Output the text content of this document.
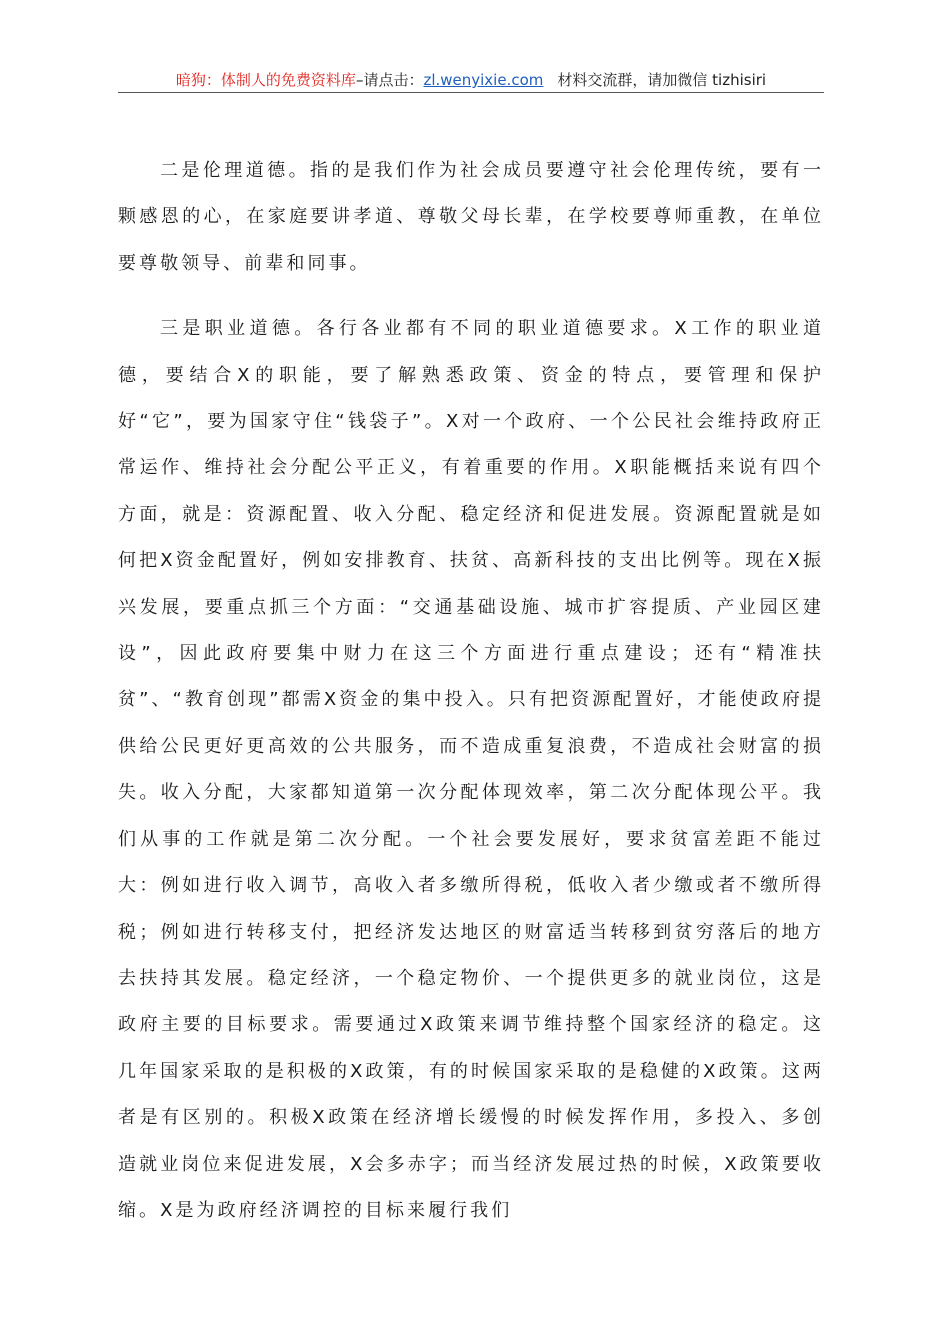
暗狗：体制人的免费资料库–请点击：zl.wenyixie.com 材料交流群，请加微信 tizhisiri

二是伦理道德。指的是我们作为社会成员要遵守社会伦理传统，要有一颗感恩的心，在家庭要讲孝道、尊敬父母长辈，在学校要尊师重教，在单位要尊敬领导、前辈和同事。

三是职业道德。各行各业都有不同的职业道德要求。X工作的职业道德，要结合X的职能，要了解熟悉政策、资金的特点，要管理和保护好“它”，要为国家守住“钱袋子”。X对一个政府、一个公民社会维持政府正常运作、维持社会分配公平正义，有着重要的作用。X职能概括来说有四个方面，就是：资源配置、收入分配、稳定经济和促进发展。资源配置就是如何把X资金配置好，例如安排教育、扶贫、高新科技的支出比例等。现在X振兴发展，要重点抓三个方面：“交通基础设施、城市扩容提质、产业园区建设”，因此政府要集中财力在这三个方面进行重点建设；还有“精准扶贫”、“教育创现”都需X资金的集中投入。只有把资源配置好，才能使政府提供给公民更好更高效的公共服务，而不造成重复浪费，不造成社会财富的损失。收入分配，大家都知道第一次分配体现效率，第二次分配体现公平。我们从事的工作就是第二次分配。一个社会要发展好，要求贫富差距不能过大：例如进行收入调节，高收入者多缴所得税，低收入者少缴或者不缴所得税；例如进行转移支付，把经济发达地区的财富适当转移到贫穷落后的地方去扶持其发展。稳定经济，一个稳定物价、一个提供更多的就业岗位，这是政府主要的目标要求。需要通过X政策来调节维持整个国家经济的稳定。这几年国家采取的是积极的X政策，有的时候国家采取的是稳健的X政策。这两者是有区别的。积极X政策在经济增长缓慢的时候发挥作用，多投入、多创造就业岗位来促进发展，X会多赤字；而当经济发展过热的时候，X政策要收缩。X是为政府经济调控的目标来履行我们
